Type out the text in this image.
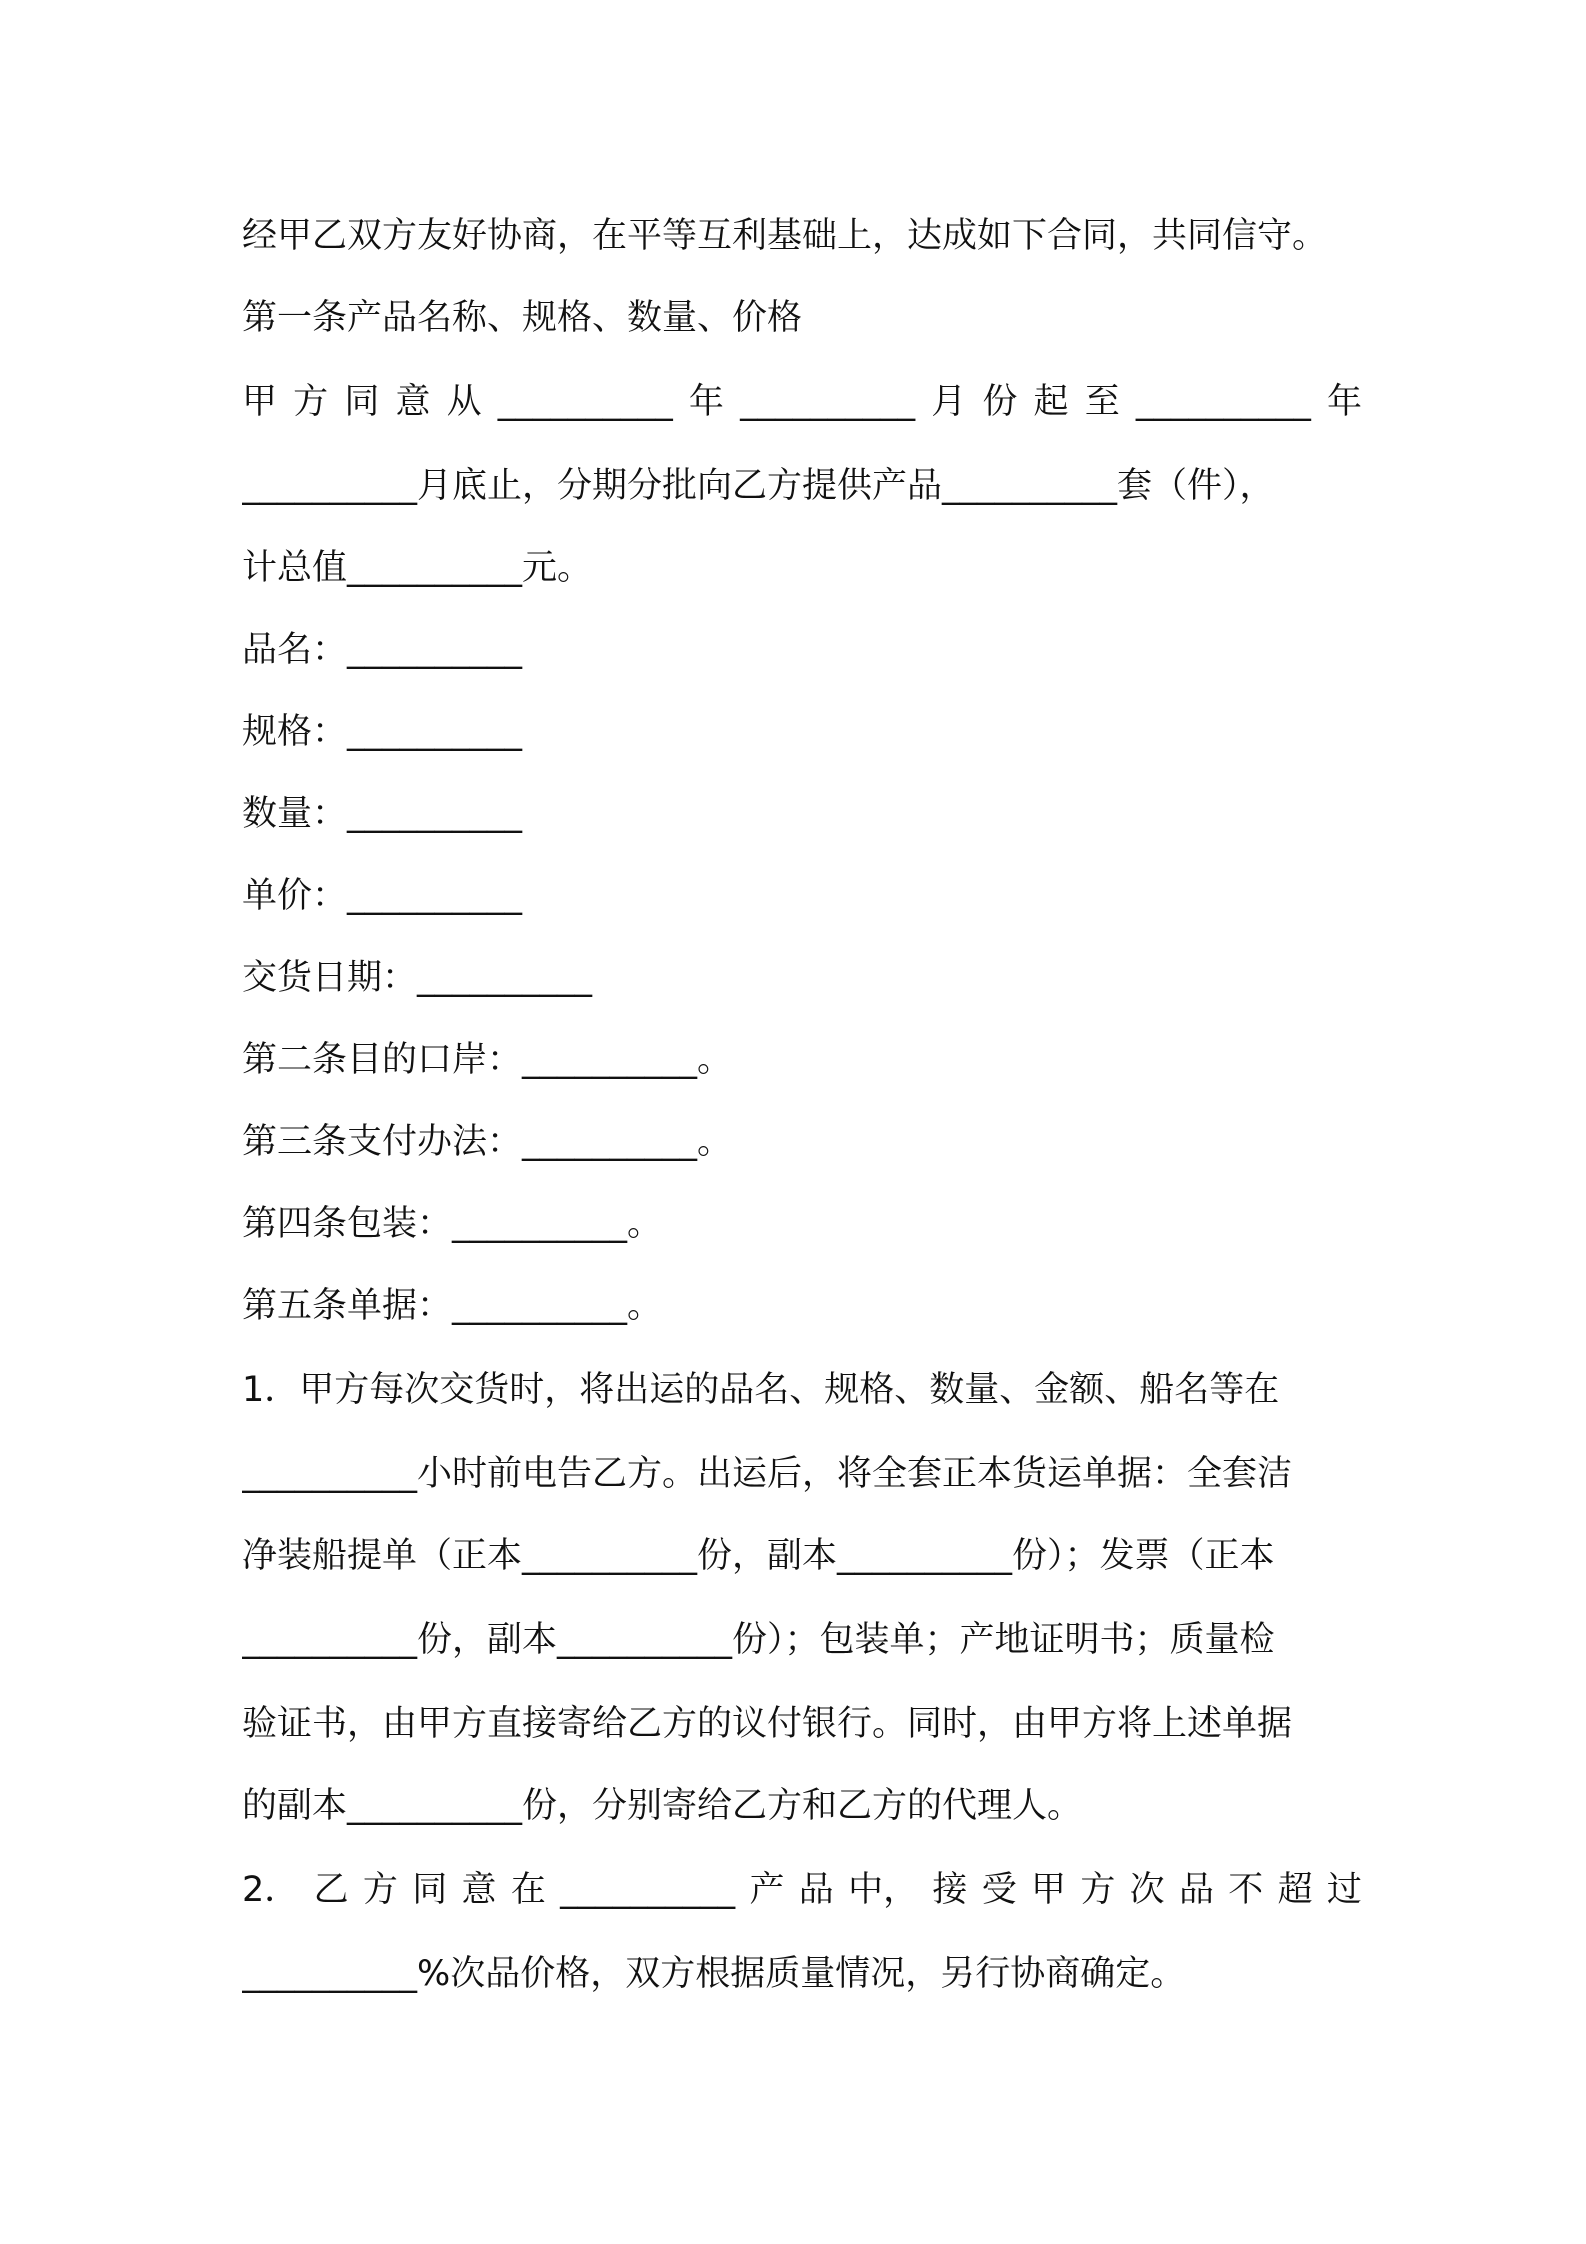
经甲乙双方友好协商，在平等互利基础上，达成如下合同，共同信守。
第一条产品名称、规格、数量、价格
甲 方 同 意 从 __________ 年 __________ 月 份 起 至 __________ 年
__________月底止，分期分批向乙方提供产品__________套（件），
计总值__________元。
品名：__________
规格：__________
数量：__________
单价：__________
交货日期：__________
第二条目的口岸：__________。
第三条支付办法：__________。
第四条包装：__________。
第五条单据：__________。
1．甲方每次交货时，将出运的品名、规格、数量、金额、船名等在
__________小时前电告乙方。出运后，将全套正本货运单据：全套洁
净装船提单（正本__________份，副本__________份）；发票（正本
__________份，副本__________份）；包装单；产地证明书；质量检
验证书，由甲方直接寄给乙方的议付银行。同时，由甲方将上述单据
的副本__________份，分别寄给乙方和乙方的代理人。
2． 乙 方 同 意 在 __________ 产 品 中， 接 受 甲 方 次 品 不 超 过
__________%次品价格，双方根据质量情况，另行协商确定。
